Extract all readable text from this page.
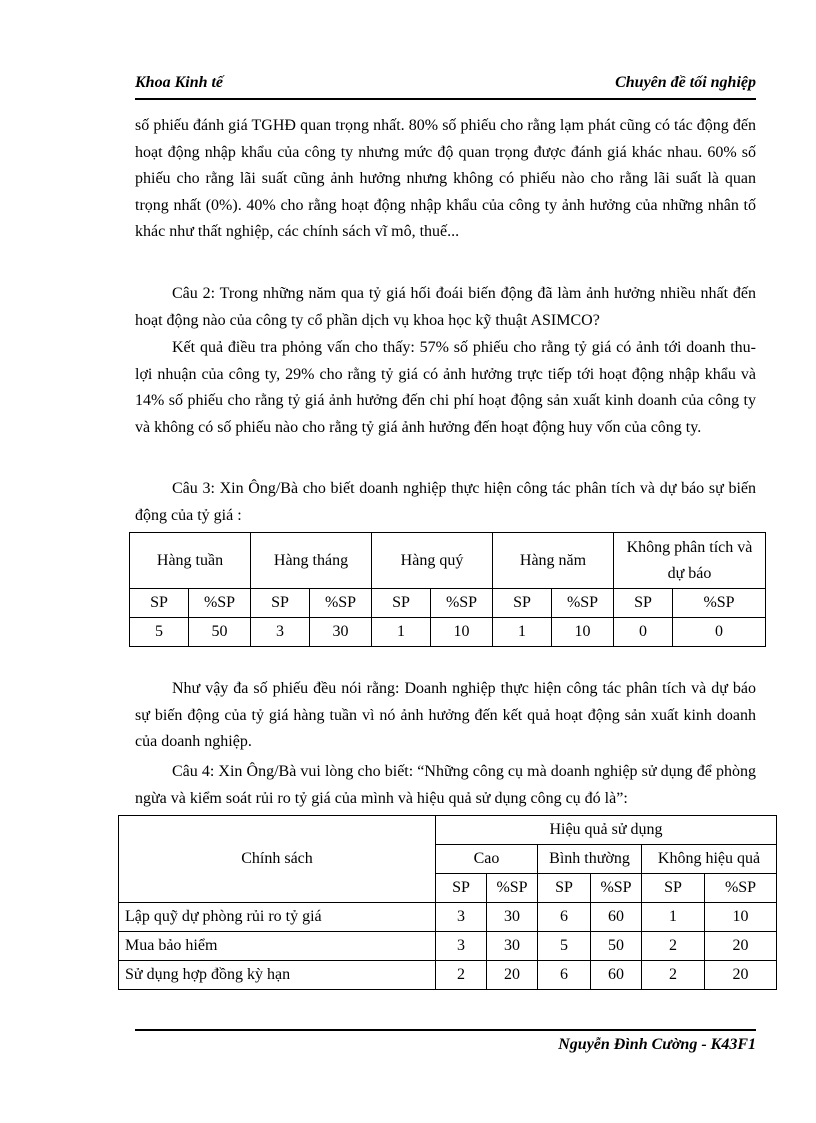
Khoa Kinh tế	Chuyên đề tối nghiệp

số phiếu đánh giá TGHĐ quan trọng nhất. 80% số phiếu cho rằng lạm phát cũng có tác động đến hoạt động nhập khẩu của công ty nhưng mức độ quan trọng được đánh giá khác nhau. 60% số phiếu cho rằng lãi suất cũng ảnh hưởng nhưng không có phiếu nào cho rằng lãi suất là quan trọng nhất (0%). 40% cho rằng hoạt động nhập khẩu của công ty ảnh hưởng của những nhân tố khác như thất nghiệp, các chính sách vĩ mô, thuế...

Câu 2: Trong những năm qua tỷ giá hối đoái biến động đã làm ảnh hưởng nhiều nhất đến hoạt động nào của công ty cổ phần dịch vụ khoa học kỹ thuật ASIMCO?

Kết quả điều tra phỏng vấn cho thấy: 57% số phiếu cho rằng tỷ giá có ảnh tới doanh thu- lợi nhuận của công ty, 29% cho rằng tỷ giá có ảnh hưởng trực tiếp tới hoạt động nhập khẩu và 14% số phiếu cho rằng tỷ giá ảnh hưởng đến chi phí hoạt động sản xuất kinh doanh của công ty và không có số phiếu nào cho rằng tỷ giá ảnh hưởng đến hoạt động huy vốn của công ty.

Câu 3: Xin Ông/Bà cho biết doanh nghiệp thực hiện công tác phân tích và dự báo sự biến động của tỷ giá :

Hàng tuần		Hàng tháng		Hàng quý		Hàng năm		Không phân tích và dự báo	
SP	%SP	SP	%SP	SP	%SP	SP	%SP	SP	%SP
5	50	3	30	1	10	1	10	0	0

Như vậy đa số phiếu đều nói rằng: Doanh nghiệp thực hiện công tác phân tích và dự báo sự biến động của tỷ giá hàng tuần vì nó ảnh hưởng đến kết quả hoạt động sản xuất kinh doanh của doanh nghiệp.

Câu 4: Xin Ông/Bà vui lòng cho biết: “Những công cụ mà doanh nghiệp sử dụng để phòng ngừa và kiểm soát rủi ro tỷ giá của mình và hiệu quả sử dụng công cụ đó là”:

Chính sách	Hiệu quả sử dụng					
	Cao		Bình thường		Không hiệu quả	
	SP	%SP	SP	%SP	SP	%SP
Lập quỹ dự phòng rủi ro tỷ giá	3	30	6	60	1	10
Mua bảo hiểm	3	30	5	50	2	20
Sử dụng hợp đồng kỳ hạn	2	20	6	60	2	20
Nguyễn Đình Cường - K43F1
